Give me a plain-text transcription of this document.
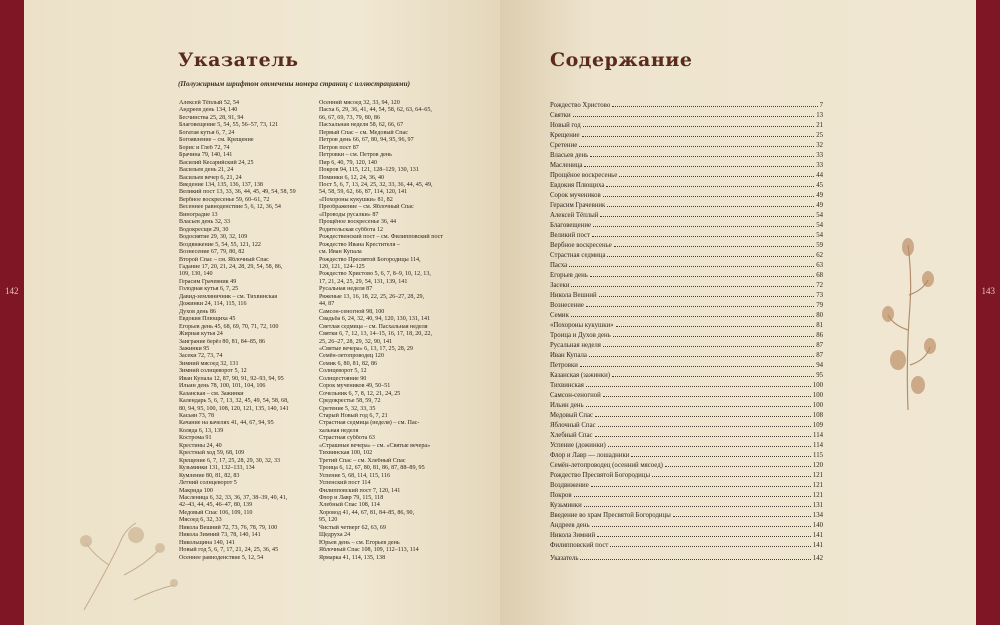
Указатель
(Полужирным шрифтом отмечены номера страниц с иллюстрациями)
Алексей Тёплый 52, 54
Андреев день 134, 140
Бесчинства 25, 28, 91, 94
Благовещение 5, 54, 55, 56–57, 73, 121
Богатая кутья 6, 7, 24
Богоявление – см. Крещение
Борис и Глеб 72, 74
Брачина 79, 140, 141
Василий Кесарийский 24, 25
Васильев день 21, 24
Васильев вечер 6, 21, 24
Введение 134, 135, 136, 137, 138
Великий пост 13, 33, 36, 44, 45, 49, 54, 58, 59
Вербное воскресенье 59, 60–61, 72
Весеннее равноденствие 5, 6, 12, 36, 54
Виноградие 13
Власьев день 32, 33
Водокресщи 29, 30
Водосвятие 29, 30, 32, 109
Воздвижение 5, 54, 55, 121, 122
Вознесение 67, 79, 80, 82
Второй Спас – см. Яблочный Спас
Гадание 17, 20, 21, 24, 28, 29, 54, 58, 86,
109, 130, 140
Герасим Грачевник 49
Голодная кутья 6, 7, 25
Давид-земляничник – см. Тихвинская
Дожинки 24, 114, 115, 116
Духов день 86
Евдокия Плющиха 45
Егорьев день 45, 68, 69, 70, 71, 72, 100
Жирная кутья 24
Заиграние берёз 80, 81, 84–85, 86
Зажинки 95
Засеки 72, 73, 74
Зимний мясоед 32, 131
Зимний солнцеворот 5, 12
Иван Купала 12, 87, 90, 91, 92–93, 94, 95
Ильин день 78, 100, 101, 104, 106
Казанская – см. Зажинки
Календарь 5, 6, 7, 13, 32, 45, 49, 54, 58, 68,
80, 94, 95, 100, 108, 120, 121, 135, 140, 141
Касьян 73, 78
Качание на качелях 41, 44, 67, 94, 95
Коляда 6, 13, 139
Кострома 91
Крестины 24, 40
Крестный ход 59, 68, 109
Крещение 6, 7, 17, 25, 28, 29, 30, 32, 33
Кузьминки 131, 132–133, 134
Кумление 80, 81, 82, 83
Летний солнцеворот 5
Макрида 100
Масленица 6, 32, 33, 36, 37, 38–39, 40, 41,
42–43, 44, 45, 46–47, 80, 139
Медовый Спас 106, 109, 110
Мясоед 6, 32, 33
Никола Вешний 72, 73, 76, 78, 79, 100
Никола Зимний 73, 78, 140, 141
Никольщина 140, 141
Новый год 5, 6, 7, 17, 21, 24, 25, 36, 45
Осеннее равноденствие 5, 12, 54
Осенний мясоед 32, 33, 94, 120
Пасха 6, 29, 36, 41, 44, 54, 58, 62, 63, 64–65,
66, 67, 69, 73, 79, 80, 86
Пасхальная неделя 58, 62, 66, 67
Первый Спас – см. Медовый Спас
Петров день 66, 67, 80, 94, 95, 96, 97
Петров пост 87
Петровки – см. Петров день
Пир 6, 40, 79, 120, 140
Покров 94, 115, 121, 128–129, 130, 131
Поминки 6, 12, 24, 36, 40
Пост 5, 6, 7, 13, 24, 25, 32, 33, 36, 44, 45, 49,
54, 58, 59, 62, 66, 87, 114, 120, 141
«Похороны кукушки» 81, 82
Преображение – см. Яблочный Спас
«Проводы русалки» 87
Прощёное воскресенье 36, 44
Родительская суббота 12
Рождественский пост – см. Филипповский пост
Рождество Ивана Крестителя –
см. Иван Купала
Рождество Пресвятой Богородицы 114,
120, 121, 124–125
Рождество Христово 5, 6, 7, 8–9, 10, 12, 13,
17, 21, 24, 25, 29, 54, 131, 139, 141
Русальная неделя 87
Ряженые 13, 16, 18, 22, 25, 26–27, 28, 29,
44, 87
Самсон-сеногной 98, 100
Свадьба 6, 24, 32, 40, 94, 120, 130, 131, 141
Светлая седмица – см. Пасхальная неделя
Святки 6, 7, 12, 13, 14–15, 16, 17, 18, 20, 22,
25, 26–27, 28, 29, 32, 90, 141
«Святые вечера» 6, 13, 17, 25, 28, 29
Семён-летопроводец 120
Семик 6, 80, 81, 82, 86
Солнцеворот 5, 12
Солнцестояние 90
Сорок мучеников 49, 50–51
Сочельник 6, 7, 8, 12, 21, 24, 25
Средокрестье 58, 59, 72
Сретение 5, 32, 33, 35
Старый Новый год 6, 7, 21
Страстная седмица (неделя) – см. Пас-
хальная неделя
Страстная суббота 63
«Страшные вечера» – см. «Святые вечера»
Тихвинская 100, 102
Третий Спас – см. Хлебный Спас
Троица 6, 12, 67, 80, 81, 86, 87, 88–89, 95
Успение 5, 68, 114, 115, 116
Успенский пост 114
Филипповский пост 7, 120, 141
Флор и Лавр 79, 115, 118
Хлебный Спас 108, 114
Хоровод 41, 44, 67, 81, 84–85, 86, 90,
95, 120
Чистый четверг 62, 63, 69
Щедруха 24
Юрьев день – см. Егорьев день
Яблочный Спас 108, 109, 112–113, 114
Ярмарка 41, 114, 135, 138
Содержание
Рождество Христово	7
Святки	13
Новый год	21
Крещение	25
Сретение	32
Власьев день	33
Масленица	33
Прощёное воскресенье	44
Евдокия Плющиха	45
Сорок мучеников	49
Герасим Грачевник	49
Алексей Тёплый	54
Благовещение	54
Великий пост	54
Вербное воскресенье	59
Страстная седмица	62
Пасха	63
Егорьев день	68
Засеки	72
Никола Вешний	73
Вознесение	79
Семик	80
«Похороны кукушки»	81
Троица и Духов день	86
Русальная неделя	87
Иван Купала	87
Петровки	94
Казанская (зажинки)	95
Тихвинская	100
Самсон-сеногной	100
Ильин день	100
Медовый Спас	108
Яблочный Спас	109
Хлебный Спас	114
Успение (дожинки)	114
Флор и Лавр — лошадники	115
Семён-летопроводец (осенний мясоед)	120
Рождество Пресвятой Богородицы	121
Воздвижение	121
Покров	121
Кузьминки	131
Введение во храм Пресвятой Богородицы	134
Андреев день	140
Никола Зимний	141
Филипповский пост	141
Указатель	142
142	143
